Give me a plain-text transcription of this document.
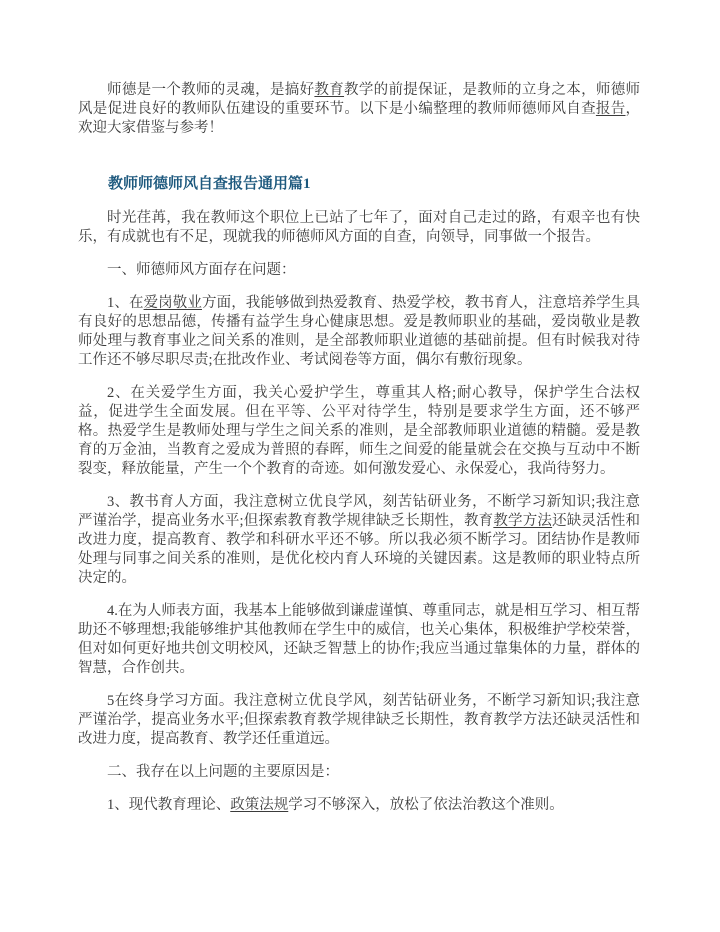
师德是一个教师的灵魂，是搞好教育教学的前提保证，是教师的立身之本，师德师风是促进良好的教师队伍建设的重要环节。以下是小编整理的教师师德师风自查报告，欢迎大家借鉴与参考！

教师师德师风自查报告通用篇1

时光荏苒，我在教师这个职位上已站了七年了，面对自己走过的路，有艰辛也有快乐，有成就也有不足，现就我的师德师风方面的自查，向领导，同事做一个报告。

一、师德师风方面存在问题：

1、在爱岗敬业方面，我能够做到热爱教育、热爱学校，教书育人，注意培养学生具有良好的思想品德，传播有益学生身心健康思想。爱是教师职业的基础，爱岗敬业是教师处理与教育事业之间关系的准则，是全部教师职业道德的基础前提。但有时候我对待工作还不够尽职尽责;在批改作业、考试阅卷等方面，偶尔有敷衍现象。

2、在关爱学生方面，我关心爱护学生，尊重其人格;耐心教导，保护学生合法权益，促进学生全面发展。但在平等、公平对待学生，特别是要求学生方面，还不够严格。热爱学生是教师处理与学生之间关系的准则，是全部教师职业道德的精髓。爱是教育的万金油，当教育之爱成为普照的春晖，师生之间爱的能量就会在交换与互动中不断裂变，释放能量，产生一个个教育的奇迹。如何激发爱心、永保爱心，我尚待努力。

3、教书育人方面，我注意树立优良学风，刻苦钻研业务，不断学习新知识;我注意严谨治学，提高业务水平;但探索教育教学规律缺乏长期性，教育教学方法还缺灵活性和改进力度，提高教育、教学和科研水平还不够。所以我必须不断学习。团结协作是教师处理与同事之间关系的准则，是优化校内育人环境的关键因素。这是教师的职业特点所决定的。

4.在为人师表方面，我基本上能够做到谦虚谨慎、尊重同志，就是相互学习、相互帮助还不够理想;我能够维护其他教师在学生中的威信，也关心集体，积极维护学校荣誉，但对如何更好地共创文明校风，还缺乏智慧上的协作;我应当通过靠集体的力量，群体的智慧，合作创共。

5在终身学习方面。我注意树立优良学风，刻苦钻研业务，不断学习新知识;我注意严谨治学，提高业务水平;但探索教育教学规律缺乏长期性，教育教学方法还缺灵活性和改进力度，提高教育、教学还任重道远。

二、我存在以上问题的主要原因是：

1、现代教育理论、政策法规学习不够深入，放松了依法治教这个准则。
